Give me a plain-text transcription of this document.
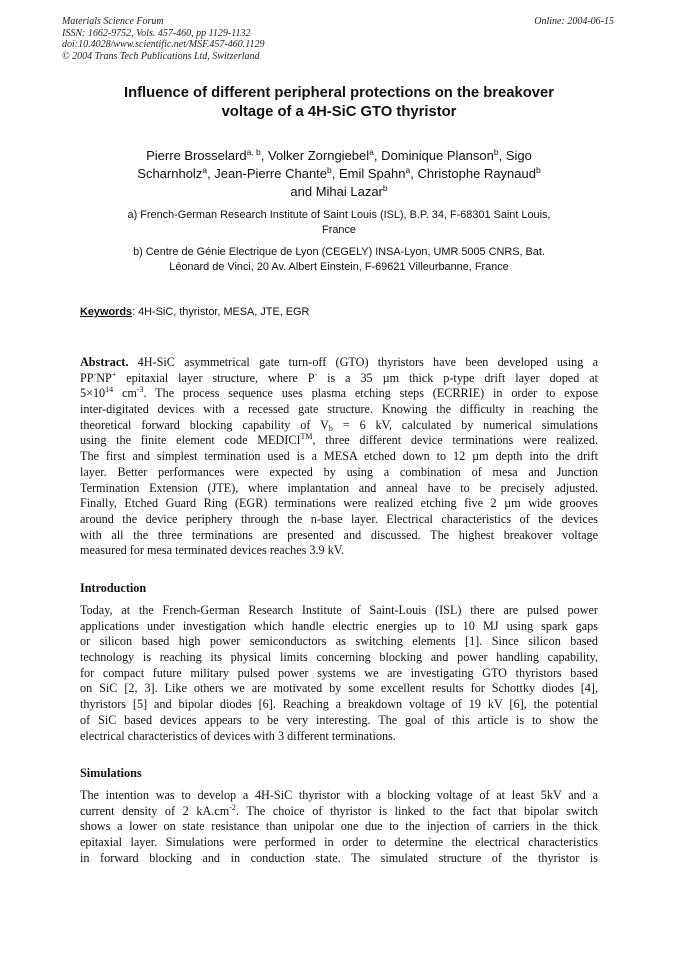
Materials Science Forum
ISSN: 1662-9752, Vols. 457-460, pp 1129-1132
doi:10.4028/www.scientific.net/MSF.457-460.1129
© 2004 Trans Tech Publications Ltd, Switzerland
Online: 2004-06-15
Influence of different peripheral protections on the breakover
voltage of a 4H-SiC GTO thyristor
Pierre Brosselard$^{a, b}$, Volker Zorngiebel$^a$, Dominique Planson$^b$, Sigo
Scharnholz$^a$, Jean-Pierre Chante$^b$, Emil Spahn$^a$, Christophe Raynaud$^b$
and Mihai Lazar$^b$
a) French-German Research Institute of Saint Louis (ISL), B.P. 34, F-68301 Saint Louis,
France
b) Centre de Génie Electrique de Lyon (CEGELY) INSA-Lyon, UMR 5005 CNRS, Bat.
Léonard de Vinci, 20 Av. Albert Einstein, F-69621 Villeurbanne, France
Keywords: 4H-SiC, thyristor, MESA, JTE, EGR
Abstract. 4H-SiC asymmetrical gate turn-off (GTO) thyristors have been developed using a
PP-NP+ epitaxial layer structure, where P- is a 35 µm thick p-type drift layer doped at
$5\times 10^{14}$ $cm^{-3}$. The process sequence uses plasma etching steps (ECRRIE) in order to expose
inter-digitated devices with a recessed gate structure. Knowing the difficulty in reaching the
theoretical forward blocking capability of $V_b = 6$ kV, calculated by numerical simulations
using the finite element code MEDICI™, three different device terminations were realized.
The first and simplest termination used is a MESA etched down to 12 µm depth into the drift
layer. Better performances were expected by using a combination of mesa and Junction
Termination Extension (JTE), where implantation and anneal have to be precisely adjusted.
Finally, Etched Guard Ring (EGR) terminations were realized etching five 2 µm wide grooves
around the device periphery through the n-base layer. Electrical characteristics of the devices
with all the three terminations are presented and discussed. The highest breakover voltage
measured for mesa terminated devices reaches 3.9 kV.
Introduction
Today, at the French-German Research Institute of Saint-Louis (ISL) there are pulsed power
applications under investigation which handle electric energies up to 10 MJ using spark gaps
or silicon based high power semiconductors as switching elements [1]. Since silicon based
technology is reaching its physical limits concerning blocking and power handling capability,
for compact future military pulsed power systems we are investigating GTO thyristors based
on SiC [2, 3]. Like others we are motivated by some excellent results for Schottky diodes [4],
thyristors [5] and bipolar diodes [6]. Reaching a breakdown voltage of 19 kV [6], the potential
of SiC based devices appears to be very interesting. The goal of this article is to show the
electrical characteristics of devices with 3 different terminations.
Simulations
The intention was to develop a 4H-SiC thyristor with a blocking voltage of at least 5kV and a
current density of 2 $kA.cm^{-2}$. The choice of thyristor is linked to the fact that bipolar switch
shows a lower on state resistance than unipolar one due to the injection of carriers in the thick
epitaxial layer. Simulations were performed in order to determine the electrical characteristics
in forward blocking and in conduction state. The simulated structure of the thyristor is
